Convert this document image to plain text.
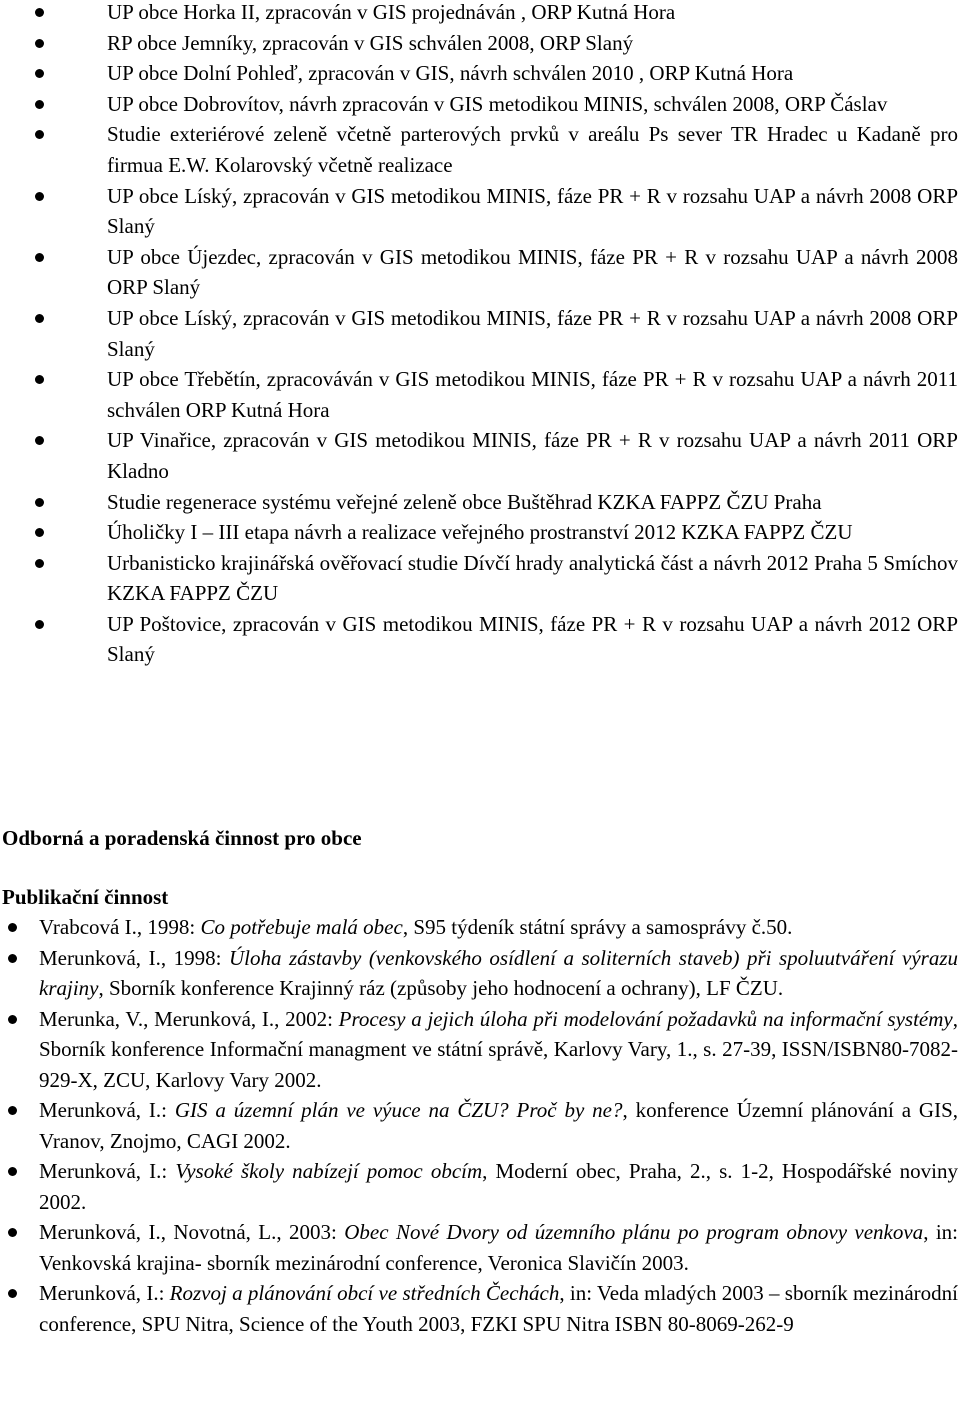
UP obce Horka II, zpracován v GIS projednáván , ORP Kutná Hora
RP obce Jemníky, zpracován v GIS schválen 2008, ORP Slaný
UP obce Dolní Pohleď, zpracován v GIS, návrh schválen 2010 , ORP Kutná Hora
UP obce Dobrovítov, návrh zpracován v GIS metodikou MINIS, schválen 2008, ORP Čáslav
Studie exteriérové zeleně včetně parterových prvků v areálu Ps sever TR Hradec u Kadaně pro firmua E.W. Kolarovský včetně realizace
UP obce Líský, zpracován v GIS metodikou MINIS, fáze PR + R v rozsahu UAP a návrh 2008 ORP Slaný
UP obce Újezdec, zpracován v GIS metodikou MINIS, fáze PR + R v rozsahu UAP a návrh 2008 ORP Slaný
UP obce Líský, zpracován v GIS metodikou MINIS, fáze PR + R v rozsahu UAP a návrh 2008 ORP Slaný
UP obce Třebětín, zpracováván v GIS metodikou MINIS, fáze PR + R v rozsahu UAP a návrh 2011 schválen ORP Kutná Hora
UP Vinařice, zpracován v GIS metodikou MINIS, fáze PR + R v rozsahu UAP a návrh 2011 ORP Kladno
Studie regenerace systému veřejné zeleně obce Buštěhrad KZKA FAPPZ ČZU Praha
Úholičky I – III etapa návrh a realizace veřejného prostranství 2012 KZKA FAPPZ ČZU
Urbanisticko krajinářská ověřovací studie Dívčí hrady analytická část a návrh 2012 Praha 5 Smíchov KZKA FAPPZ ČZU
UP Poštovice, zpracován v GIS metodikou MINIS, fáze PR + R v rozsahu UAP a návrh 2012 ORP Slaný
Odborná a poradenská činnost pro obce
Publikační činnost
Vrabcová I., 1998: Co potřebuje malá obec, S95 týdeník státní správy a samosprávy č.50.
Merunková, I., 1998: Úloha zástavby (venkovského osídlení a soliterních staveb) při spoluutváření výrazu krajiny, Sborník konference Krajinný ráz (způsoby jeho hodnocení a ochrany), LF ČZU.
Merunka, V., Merunková, I., 2002: Procesy a jejich úloha při modelování požadavků na informační systémy, Sborník konference Informační managment ve státní správě, Karlovy Vary, 1., s. 27-39, ISSN/ISBN80-7082-929-X, ZCU, Karlovy Vary 2002.
Merunková, I.: GIS a územní plán ve výuce na ČZU? Proč by ne?, konference Územní plánování a GIS, Vranov, Znojmo, CAGI 2002.
Merunková, I.: Vysoké školy nabízejí pomoc obcím, Moderní obec, Praha, 2., s. 1-2, Hospodářské noviny 2002.
Merunková, I., Novotná, L., 2003: Obec Nové Dvory od územního plánu po program obnovy venkova, in: Venkovská krajina- sborník mezinárodní conference, Veronica Slavičín 2003.
Merunková, I.: Rozvoj a plánování obcí ve středních Čechách, in: Veda mladých 2003 – sborník mezinárodní conference, SPU Nitra, Science of the Youth 2003, FZKI SPU Nitra ISBN 80-8069-262-9
